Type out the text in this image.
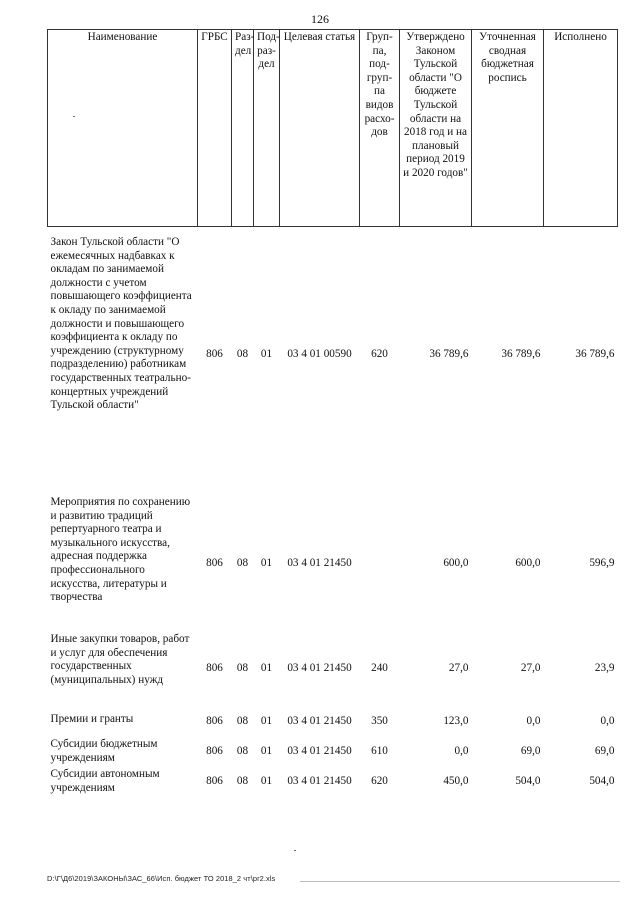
126
Наименование	ГРБС	Раз-дел	Под-раз-дел	Целевая статья	Груп-па, под-груп-па видов расхо-дов	Утверждено Законом Тульской области "О бюджете Тульской области на 2018 год и на плановый период 2019 и 2020 годов"	Уточненная сводная бюджетная роспись	Исполнено

Закон Тульской области "О ежемесячных надбавках к окладам по занимаемой должности с учетом повышающего коэффициента к окладу по занимаемой должности и повышающего коэффициента к окладу по учреждению (структурному подразделению) работникам государственных театрально-концертных учреждений Тульской области"	806	08	01	03 4 01 00590	620	36 789,6	36 789,6	36 789,6

Мероприятия по сохранению и развитию традиций репертуарного театра и музыкального искусства, адресная поддержка профессионального искусства, литературы и творчества	806	08	01	03 4 01 21450		600,0	600,0	596,9
Иные закупки товаров, работ и услуг для обеспечения государственных (муниципальных) нужд	806	08	01	03 4 01 21450	240	27,0	27,0	23,9

Премии и гранты	806	08	01	03 4 01 21450	350	123,0	0,0	0,0

Субсидии бюджетным учреждениям	806	08	01	03 4 01 21450	610	0,0	69,0	69,0
Субсидии автономным учреждениям	806	08	01	03 4 01 21450	620	450,0	504,0	504,0
D:\Г\Д6\2019\ЗАКОНЫ\ЗАС_66\Исп. бюджет ТО 2018_2 чт\pr2.xls
